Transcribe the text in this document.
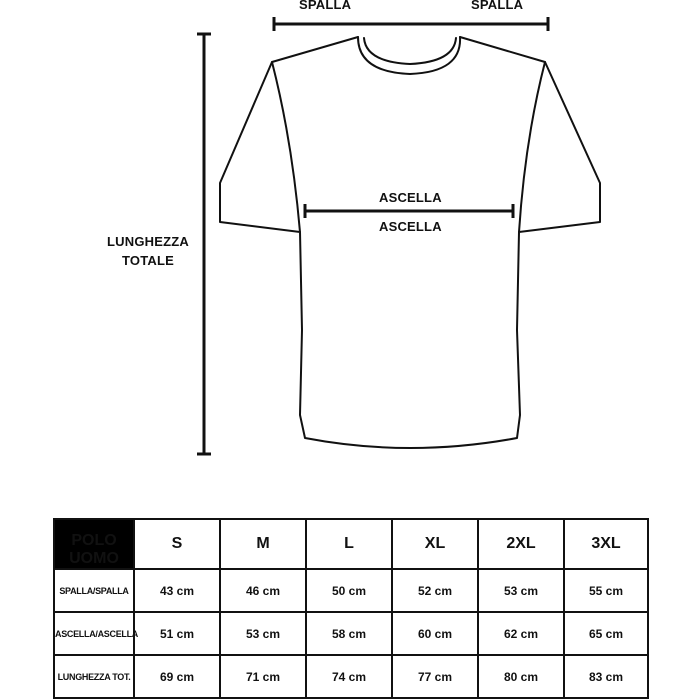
SPALLA	SPALLA
ASCELLA
ASCELLA
LUNGHEZZA
TOTALE
POLO UOMO	S	M	L	XL	2XL	3XL
SPALLA/SPALLA	43 cm	46 cm	50 cm	52 cm	53 cm	55 cm
ASCELLA/ASCELLA	51 cm	53 cm	58 cm	60 cm	62 cm	65 cm
LUNGHEZZA TOT.	69 cm	71 cm	74 cm	77 cm	80 cm	83 cm
